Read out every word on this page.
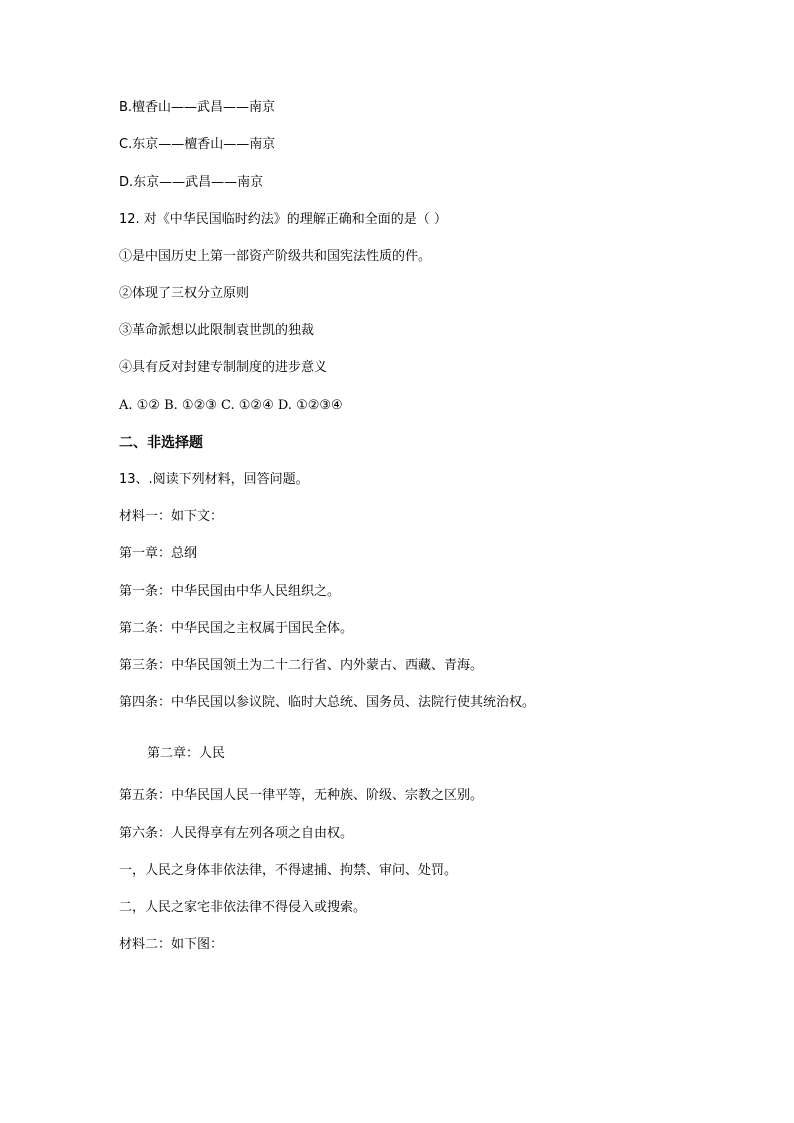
B.檀香山——武昌——南京
C.东京——檀香山——南京
D.东京——武昌——南京
12. 对《中华民国临时约法》的理解正确和全面的是（ ）
①是中国历史上第一部资产阶级共和国宪法性质的件。
②体现了三权分立原则
③革命派想以此限制袁世凯的独裁
④具有反对封建专制制度的进步意义
A. ①② B. ①②③ C. ①②④ D. ①②③④
二、非选择题
13、.阅读下列材料，回答问题。
材料一：如下文：
第一章：总纲
第一条：中华民国由中华人民组织之。
第二条：中华民国之主权属于国民全体。
第三条：中华民国领土为二十二行省、内外蒙古、西藏、青海。
第四条：中华民国以参议院、临时大总统、国务员、法院行使其统治权。
第二章：人民
第五条：中华民国人民一律平等，无种族、阶级、宗教之区别。
第六条：人民得享有左列各项之自由权。
一，人民之身体非依法律，不得逮捕、拘禁、审问、处罚。
二，人民之家宅非依法律不得侵入或搜索。
材料二：如下图：
